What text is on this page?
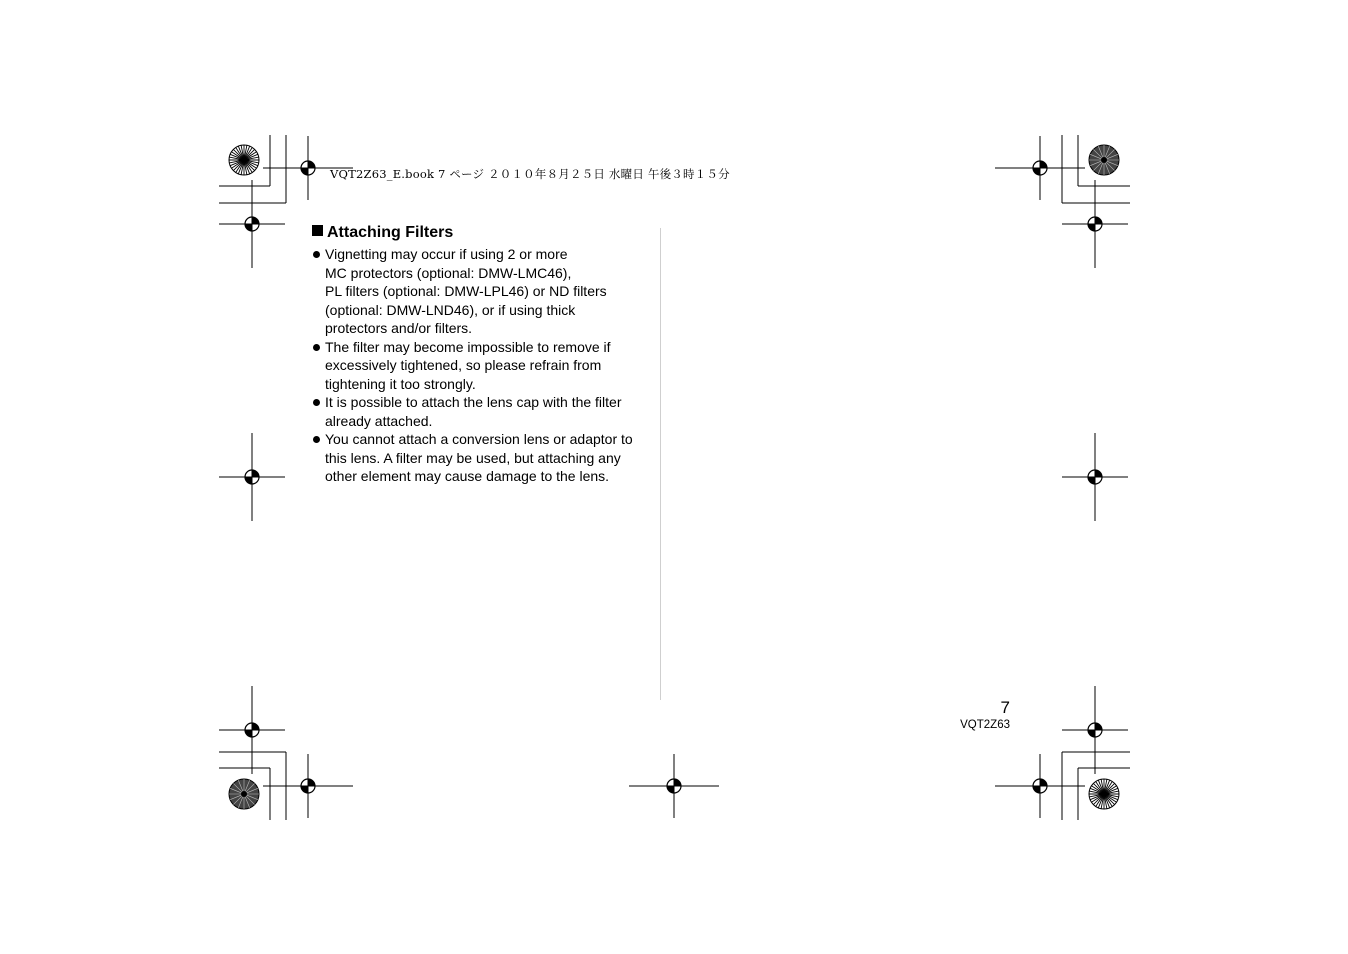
VQT2Z63_E.book 7 ページ ２０１０年８月２５日 水曜日 午後３時１５分
Attaching Filters
Vignetting may occur if using 2 or more
MC protectors (optional: DMW-LMC46),
PL filters (optional: DMW-LPL46) or ND filters
(optional: DMW-LND46), or if using thick
protectors and/or filters.
The filter may become impossible to remove if
excessively tightened, so please refrain from
tightening it too strongly.
It is possible to attach the lens cap with the filter
already attached.
You cannot attach a conversion lens or adaptor to
this lens. A filter may be used, but attaching any
other element may cause damage to the lens.
7
VQT2Z63
